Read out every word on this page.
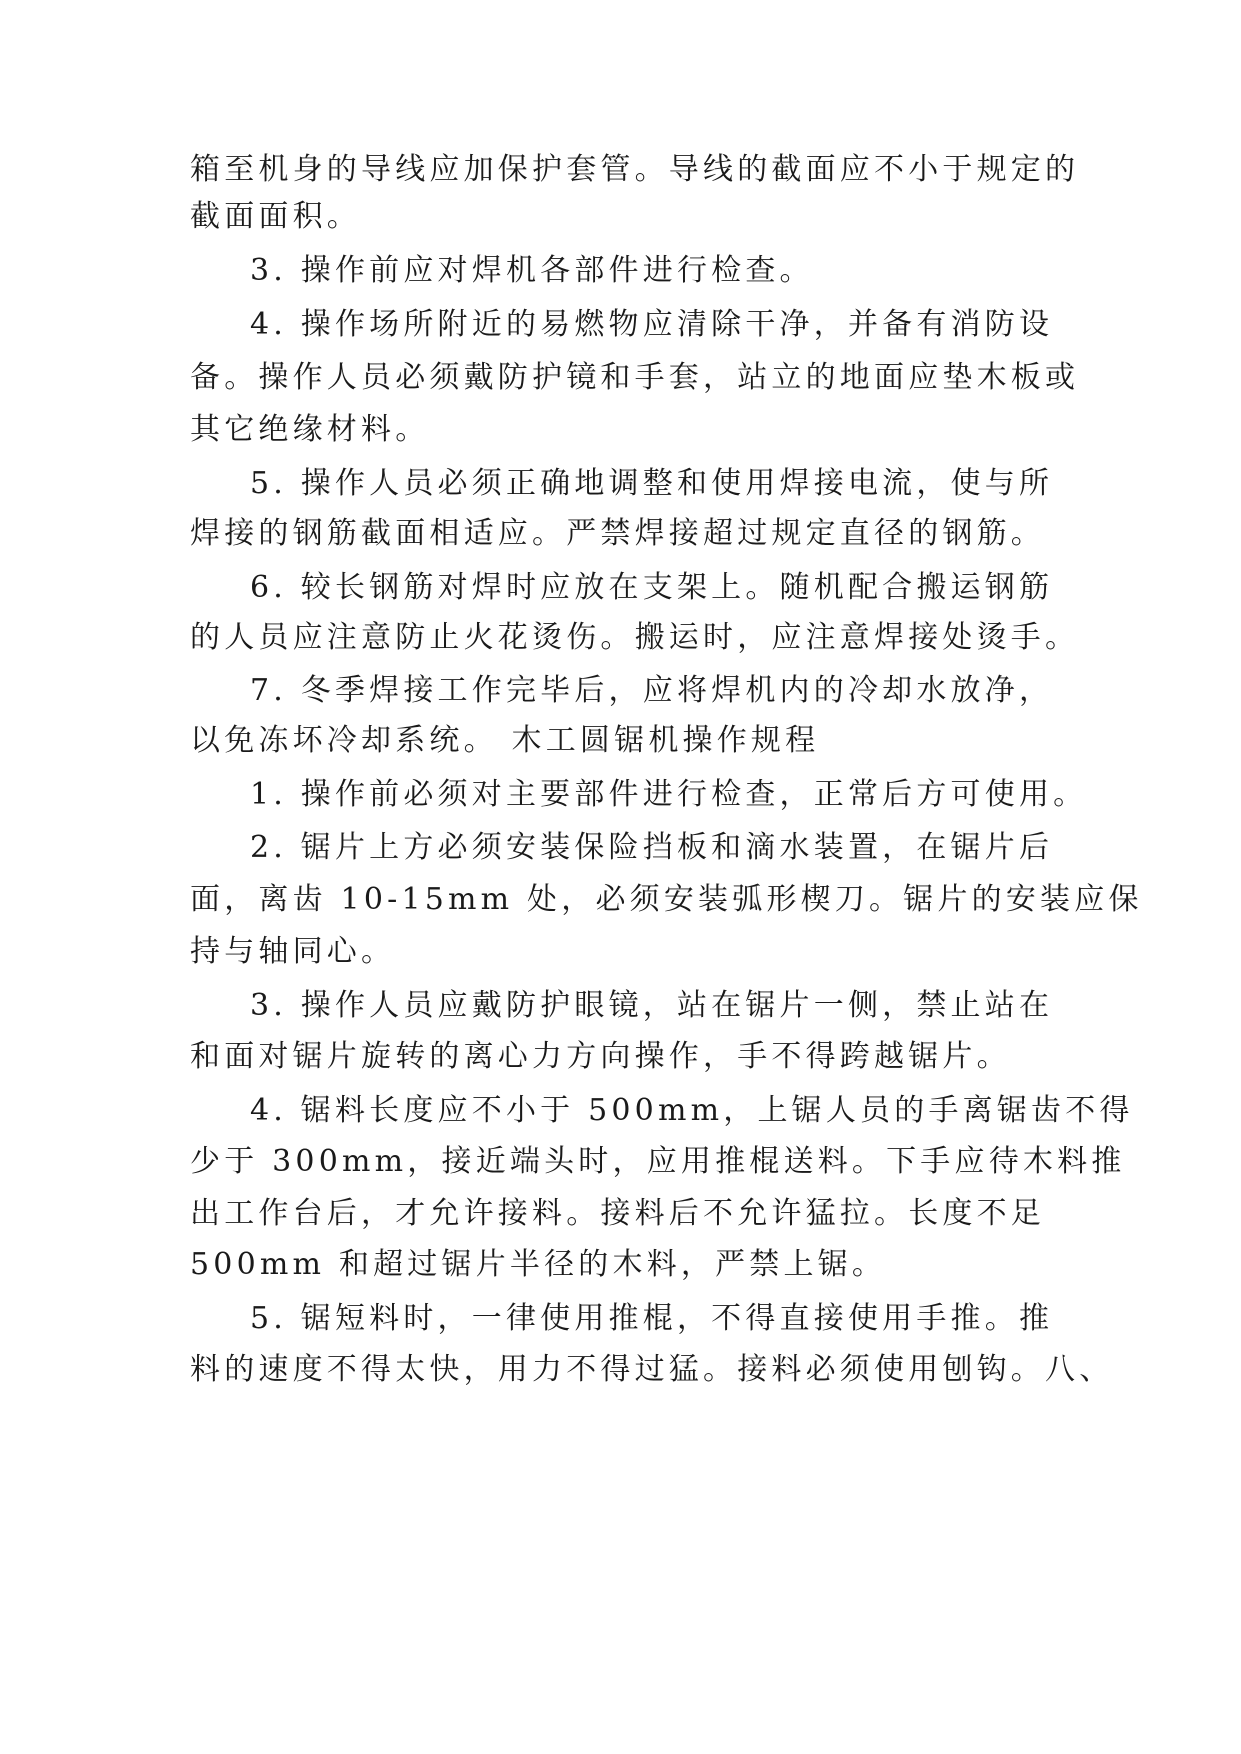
箱至机身的导线应加保护套管。导线的截面应不小于规定的
截面面积。
3. 操作前应对焊机各部件进行检查。
4. 操作场所附近的易燃物应清除干净，并备有消防设
备。操作人员必须戴防护镜和手套，站立的地面应垫木板或
其它绝缘材料。
5. 操作人员必须正确地调整和使用焊接电流，使与所
焊接的钢筋截面相适应。严禁焊接超过规定直径的钢筋。
6. 较长钢筋对焊时应放在支架上。随机配合搬运钢筋
的人员应注意防止火花烫伤。搬运时，应注意焊接处烫手。
7. 冬季焊接工作完毕后，应将焊机内的冷却水放净，
以免冻坏冷却系统。 木工圆锯机操作规程
1. 操作前必须对主要部件进行检查，正常后方可使用。
2. 锯片上方必须安装保险挡板和滴水装置，在锯片后
面，离齿 10-15mm 处，必须安装弧形楔刀。锯片的安装应保
持与轴同心。
3. 操作人员应戴防护眼镜，站在锯片一侧，禁止站在
和面对锯片旋转的离心力方向操作，手不得跨越锯片。
4. 锯料长度应不小于 500mm，上锯人员的手离锯齿不得
少于 300mm，接近端头时，应用推棍送料。下手应待木料推
出工作台后，才允许接料。接料后不允许猛拉。长度不足
500mm 和超过锯片半径的木料，严禁上锯。
5. 锯短料时，一律使用推棍，不得直接使用手推。推
料的速度不得太快，用力不得过猛。接料必须使用刨钩。八、
